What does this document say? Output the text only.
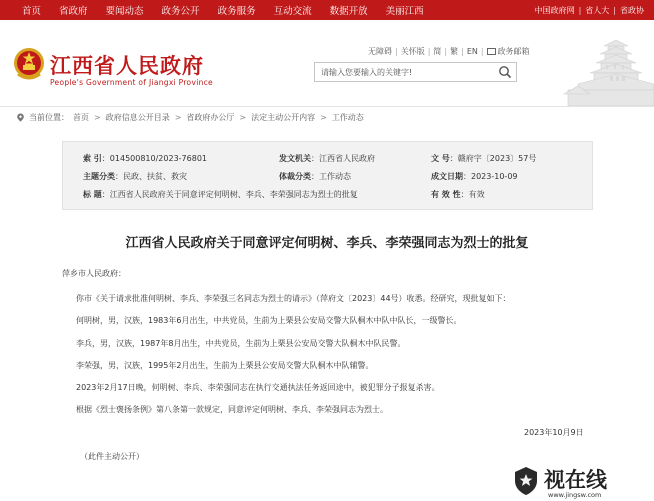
首页	省政府	要闻动态	政务公开	政务服务	互动交流	数据开放	美丽江西	中国政府网 | 省人大 | 省政协
江西省人民政府
People's Government of Jiangxi Province
无障碍 | 关怀版 | 简 | 繁 | EN | 政务邮箱
请输入您要输入的关键字!
当前位置： 首页 > 政府信息公开目录 > 省政府办公厅 > 法定主动公开内容 > 工作动态
索 引：014500810/2023-76801	发文机关：江西省人民政府	文 号：赣府字〔2023〕57号
主题分类：民政、扶贫、救灾	体裁分类：工作动态	成文日期：2023-10-09
标 题：江西省人民政府关于同意评定何明树、李兵、李荣强同志为烈士的批复	有 效 性：有效
江西省人民政府关于同意评定何明树、李兵、李荣强同志为烈士的批复
萍乡市人民政府：
你市《关于请求批准何明树、李兵、李荣强三名同志为烈士的请示》（萍府文〔2023〕44号）收悉。经研究，现批复如下：
何明树，男，汉族，1983年6月出生，中共党员，生前为上栗县公安局交警大队桐木中队中队长，一级警长。
李兵，男，汉族，1987年8月出生，中共党员，生前为上栗县公安局交警大队桐木中队民警。
李荣强，男，汉族，1995年2月出生，生前为上栗县公安局交警大队桐木中队辅警。
2023年2月17日晚，何明树、李兵、李荣强同志在执行交通执法任务返回途中，被犯罪分子报复杀害。
根据《烈士褒扬条例》第八条第一款规定，同意评定何明树、李兵、李荣强同志为烈士。
2023年10月9日
（此件主动公开）
视在线
www.jingsw.com
